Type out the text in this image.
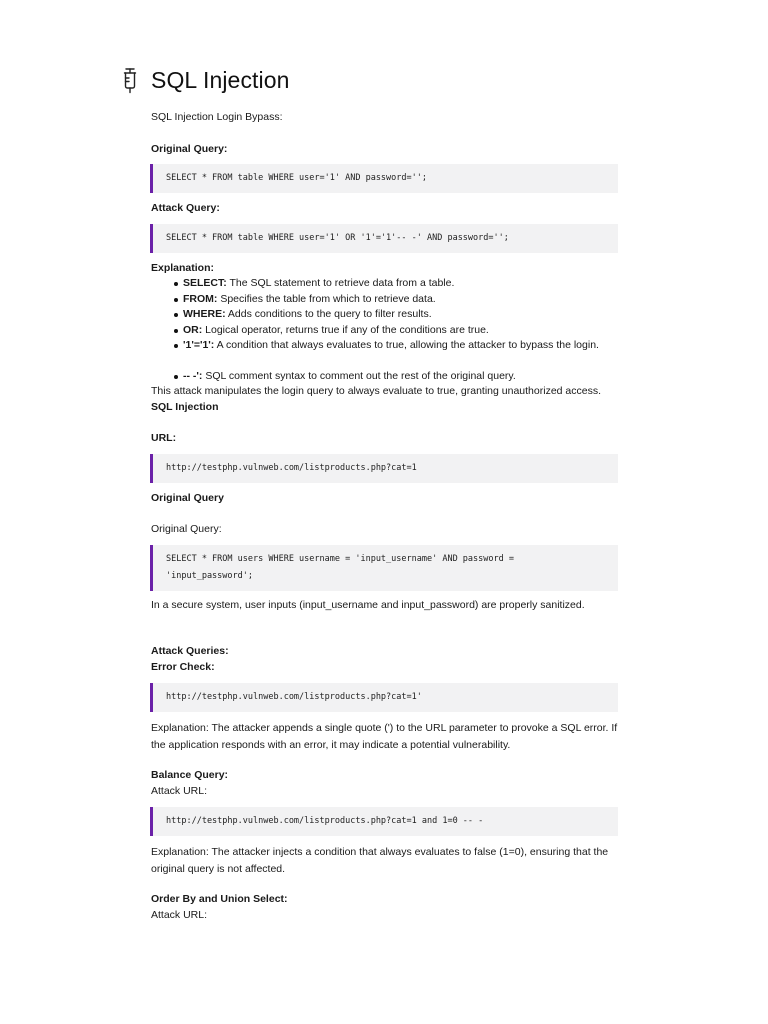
SQL Injection

SQL Injection Login Bypass:

Original Query:

SELECT * FROM table WHERE user='1' AND password='';

Attack Query:

SELECT * FROM table WHERE user='1' OR '1'='1'-- -' AND password='';

Explanation:

SELECT: The SQL statement to retrieve data from a table.
FROM: Specifies the table from which to retrieve data.
WHERE: Adds conditions to the query to filter results.
OR: Logical operator, returns true if any of the conditions are true.
'1'='1': A condition that always evaluates to true, allowing the attacker to bypass the login.
-- -': SQL comment syntax to comment out the rest of the original query.

This attack manipulates the login query to always evaluate to true, granting unauthorized access.

SQL Injection

URL:

http://testphp.vulnweb.com/listproducts.php?cat=1

Original Query

Original Query:

SELECT * FROM users WHERE username = 'input_username' AND password =
'input_password';

In a secure system, user inputs (input_username and input_password) are properly sanitized.

Attack Queries:

Error Check:

http://testphp.vulnweb.com/listproducts.php?cat=1'

Explanation: The attacker appends a single quote (') to the URL parameter to provoke a SQL error. If the application responds with an error, it may indicate a potential vulnerability.

Balance Query:

Attack URL:

http://testphp.vulnweb.com/listproducts.php?cat=1 and 1=0 -- -

Explanation: The attacker injects a condition that always evaluates to false (1=0), ensuring that the original query is not affected.

Order By and Union Select:

Attack URL:
